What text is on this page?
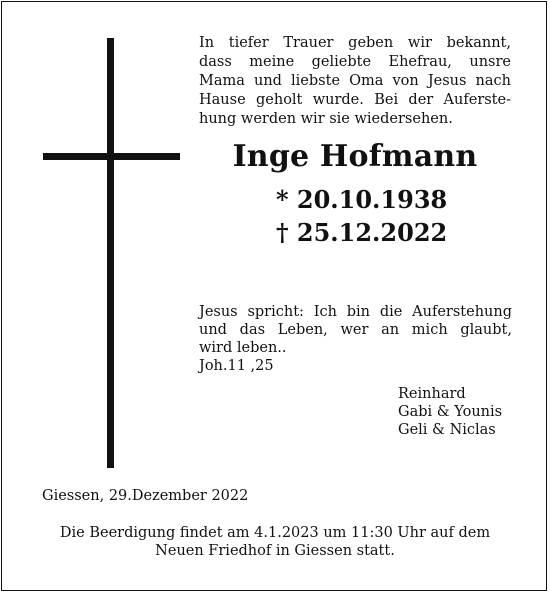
In tiefer Trauer geben wir bekannt,
dass meine geliebte Ehefrau, unsre
Mama und liebste Oma von Jesus nach
Hause geholt wurde. Bei der Auferste-
hung werden wir sie wiedersehen.
Inge Hofmann
* 20.10.1938
† 25.12.2022
Jesus spricht: Ich bin die Auferstehung
und das Leben, wer an mich glaubt,
wird leben..
Joh.11 ,25
Reinhard
Gabi & Younis
Geli & Niclas
Giessen, 29.Dezember 2022
Die Beerdigung findet am 4.1.2023 um 11:30 Uhr auf dem
Neuen Friedhof in Giessen statt.
